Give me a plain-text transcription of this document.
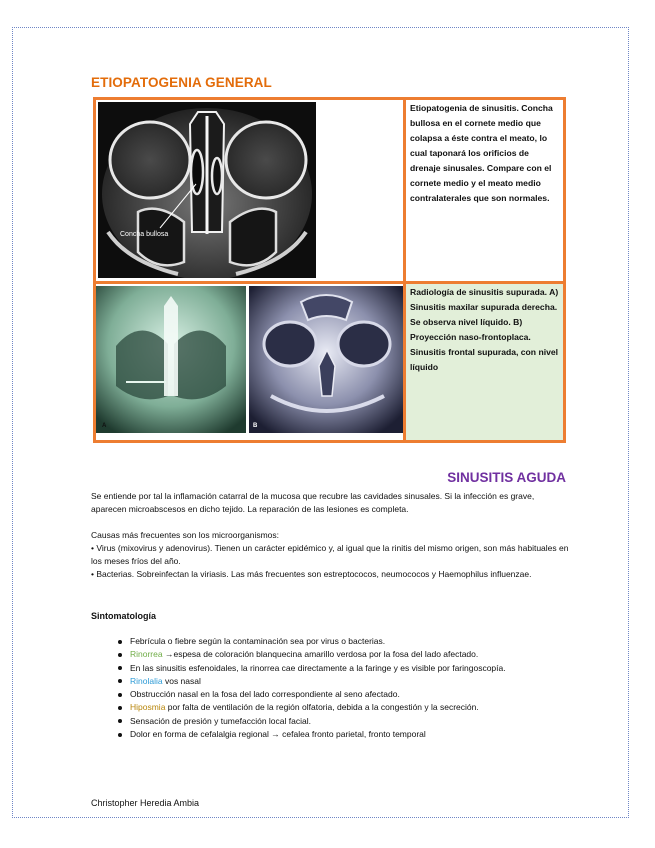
ETIOPATOGENIA GENERAL
Concha bullosa
Etiopatogenia de sinusitis. Concha bullosa en el cornete medio que colapsa a éste contra el meato, lo cual taponará los orificios de drenaje sinusales. Compare con el cornete medio y el meato medio contralaterales que son normales.
A	B
Radiología de sinusitis supurada. A) Sinusitis maxilar supurada derecha. Se observa nivel líquido. B) Proyección naso-frontoplaca. Sinusitis frontal supurada, con nivel líquido
SINUSITIS AGUDA

Se entiende por tal la inflamación catarral de la mucosa que recubre las cavidades sinusales. Si la infección es grave, aparecen microabscesos en dicho tejido. La reparación de las lesiones es completa.

Causas más frecuentes son los microorganismos:

• Virus (mixovirus y adenovirus). Tienen un carácter epidémico y, al igual que la rinitis del mismo origen, son más habituales en los meses fríos del año.

• Bacterias. Sobreinfectan la viriasis. Las más frecuentes son estreptococos, neumococos y Haemophilus influenzae.

Sintomatología

Febrícula o fiebre según la contaminación sea por virus o bacterias.
Rinorrea →espesa de coloración blanquecina amarillo verdosa por la fosa del lado afectado.
En las sinusitis esfenoidales, la rinorrea cae directamente a la faringe y es visible por faringoscopía.
Rinolalia vos nasal
Obstrucción nasal en la fosa del lado correspondiente al seno afectado.
Hiposmia por falta de ventilación de la región olfatoria, debida a la congestión y la secreción.
Sensación de presión y tumefacción local facial.
Dolor en forma de cefalalgia regional → cefalea fronto parietal, fronto temporal

Christopher Heredia Ambia
